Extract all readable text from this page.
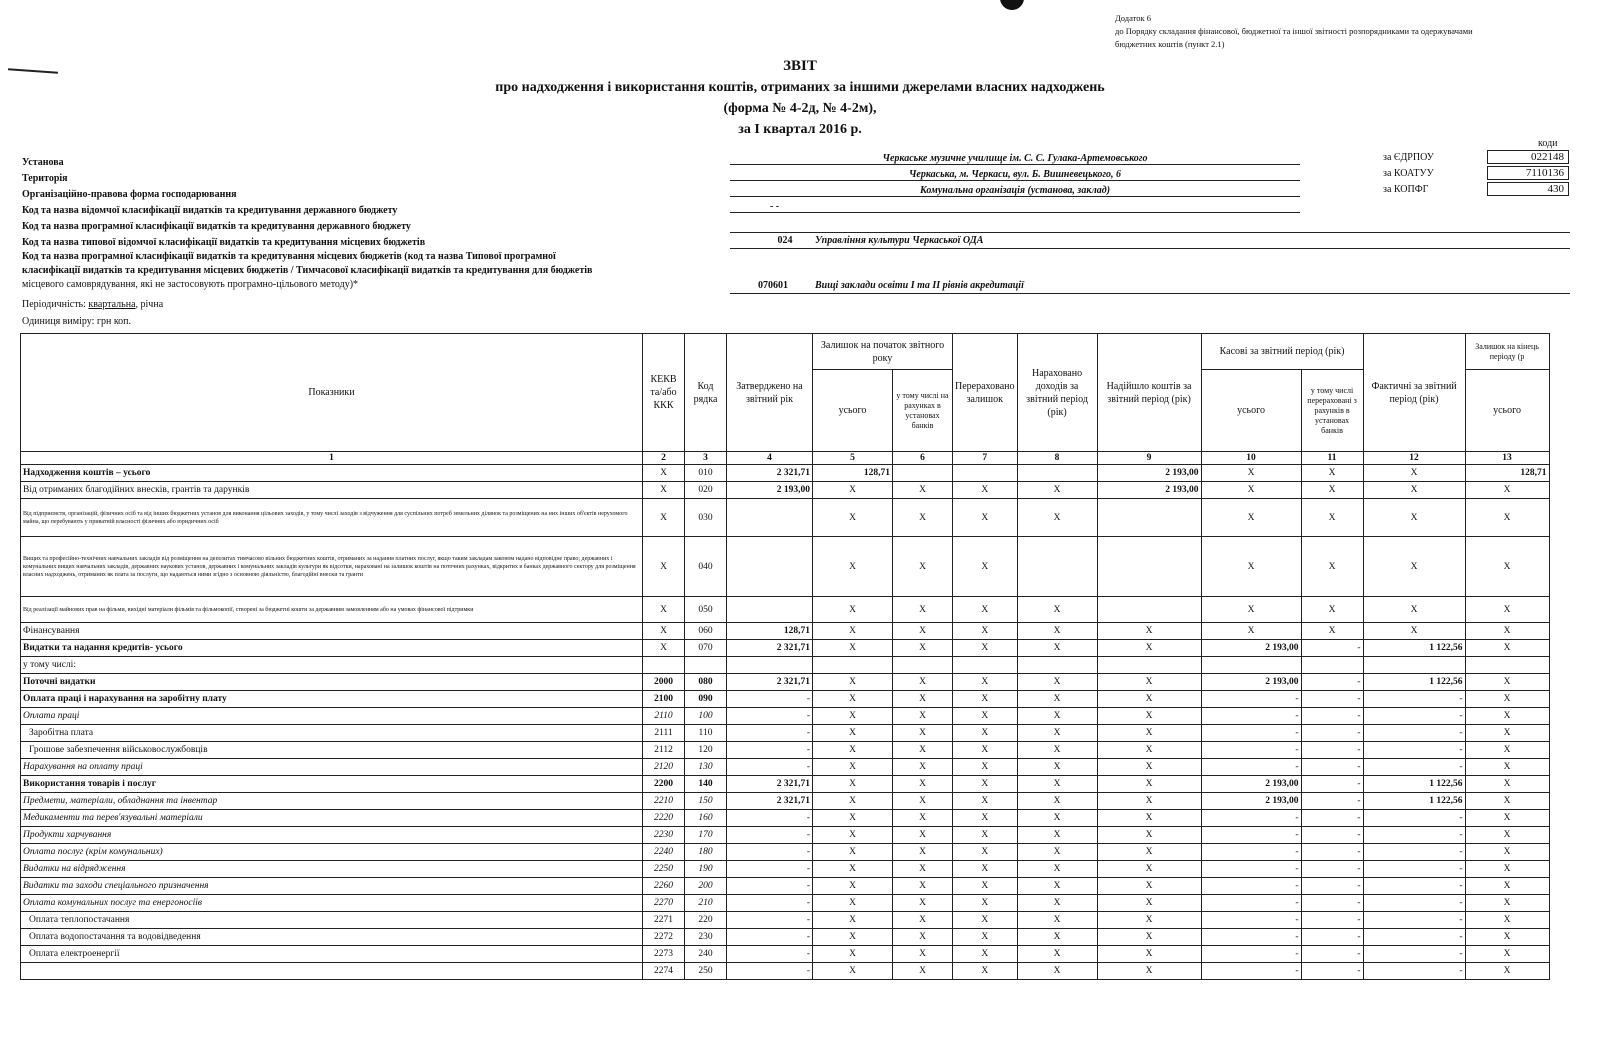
Додаток 6
до Порядку складання фінансової, бюджетної та іншої звітності розпорядниками та одержувачами
бюджетних коштів (пункт 2.1)
ЗВІТ
про надходження і використання коштів, отриманих за іншими джерелами власних надходжень
(форма № 4-2д, № 4-2м),
за I квартал 2016 р.
коди
за ЄДРПОУ	022148
за КОАТУУ	7110136
за КОПФГ	430
Установа	Черкаське музичне училище ім. С. С. Гулака-Артемовського
Територія	Черкаська, м. Черкаси, вул. Б. Вишневецького, 6
Організаційно-правова форма господарювання	Комунальна організація (установа, заклад)
Код та назва відомчої класифікації видатків та кредитування державного бюджету	- -
Код та назва програмної класифікації видатків та кредитування державного бюджету
Код та назва типової відомчої класифікації видатків та кредитування місцевих бюджетів	024	Управління культури Черкаської ОДА
Код та назва програмної класифікації видатків та кредитування місцевих бюджетів (код та назва Типової програмної
класифікації видатків та кредитування місцевих бюджетів / Тимчасової класифікації видатків та кредитування для бюджетів
місцевого самоврядування, які не застосовують програмно-цільового методу)*	070601	Вищі заклади освіти I та II рівнів акредитації
Періодичність: квартальна, річна
Одиниця виміру: грн коп.
Показники	КЕКВ та/або ККК	Код рядка	Затверджено на звітний рік	Залишок на початок звітного року		Перераховано залишок	Нараховано доходів за звітний період (рік)	Надійшло коштів за звітний період (рік)	Касові за звітний період (рік)		Фактичні за звітний період (рік)	Залишок на кінець періоду (р
				усього	у тому числі на рахунках в установах банків				усього	у тому числі перераховані з рахунків в установах банків		усього
1	2	3	4	5	6	7	8	9	10	11	12	13
Надходження коштів – усього	X	010	2 321,71	128,71				2 193,00	X	X	X	128,71
Від отриманих благодійних внесків, грантів та дарунків	X	020	2 193,00	X	X	X	X	2 193,00	X	X	X	X
Від підприємств, організацій, фізичних осіб та від інших бюджетних установ для виконання цільових заходів, у тому числі заходів з відчуження для суспільних потреб земельних ділянок та розміщених на них інших об'єктів нерухомого майна, що перебувають у приватній власності фізичних або юридичних осіб	X	030		X	X	X	X		X	X	X	X
Вищих та професійно-технічних навчальних закладів від розміщення на депозитах тимчасово вільних бюджетних коштів, отриманих за надання платних послуг, якщо таким закладам законом надано відповідне право; державних і комунальних вищих навчальних закладів, державних наукових установ, державних і комунальних закладів культури як відсотки, нараховані на залишок коштів на поточних рахунках, відкритих в банках державного сектору для розміщення власних надходжень, отриманих як плата за послуги, що надаються ними згідно з основною діяльністю, благодійні внески та гранти	X	040		X	X	X			X	X	X	X
Від реалізації майнових прав на фільми, вихідні матеріали фільмів та фільмокопії, створені за бюджетні кошти за державним замовленням або на умовах фінансової підтримки	X	050		X	X	X	X		X	X	X	X
Фінансування	X	060	128,71	X	X	X	X	X	X	X	X	X
Видатки та надання кредитів- усього	X	070	2 321,71	X	X	X	X	X	2 193,00	-	1 122,56	X
у тому числі:												
Поточні видатки	2000	080	2 321,71	X	X	X	X	X	2 193,00	-	1 122,56	X
Оплата праці і нарахування на заробітну плату	2100	090	-	X	X	X	X	X	-	-	-	X
Оплата праці	2110	100	-	X	X	X	X	X	-	-	-	X
Заробітна плата	2111	110	-	X	X	X	X	X	-	-	-	X
Грошове забезпечення військовослужбовців	2112	120	-	X	X	X	X	X	-	-	-	X
Нарахування на оплату праці	2120	130	-	X	X	X	X	X	-	-	-	X
Використання товарів і послуг	2200	140	2 321,71	X	X	X	X	X	2 193,00	-	1 122,56	X
Предмети, матеріали, обладнання та інвентар	2210	150	2 321,71	X	X	X	X	X	2 193,00	-	1 122,56	X
Медикаменти та перев'язувальні матеріали	2220	160	-	X	X	X	X	X	-	-	-	X
Продукти харчування	2230	170	-	X	X	X	X	X	-	-	-	X
Оплата послуг (крім комунальних)	2240	180	-	X	X	X	X	X	-	-	-	X
Видатки на відрядження	2250	190	-	X	X	X	X	X	-	-	-	X
Видатки та заходи спеціального призначення	2260	200	-	X	X	X	X	X	-	-	-	X
Оплата комунальних послуг та енергоносіїв	2270	210	-	X	X	X	X	X	-	-	-	X
Оплата теплопостачання	2271	220	-	X	X	X	X	X	-	-	-	X
Оплата водопостачання та водовідведення	2272	230	-	X	X	X	X	X	-	-	-	X
Оплата електроенергії	2273	240	-	X	X	X	X	X	-	-	-	X
	2274	250	-	X	X	X	X	X	-	-	-	X
